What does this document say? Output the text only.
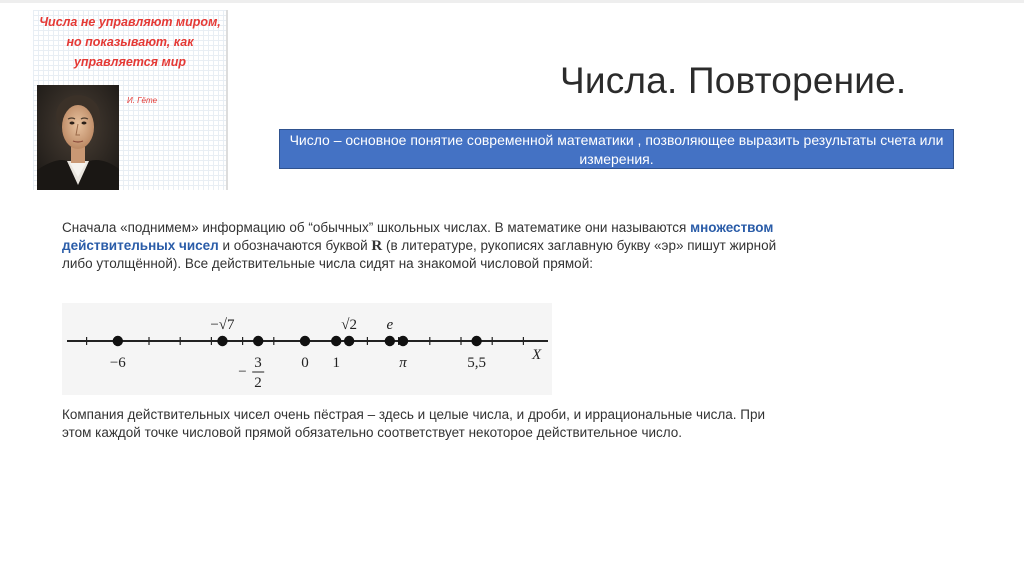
Числа не управляют миром, но показывают, как управляется мир
И. Гёте	Числа. Повторение.
Число – основное понятие современной математики , позволяющее выразить результаты счета или измерения.
Сначала «поднимем» информацию об “обычных” школьных числах. В математике они называются множеством действительных чисел и обозначаются буквой R (в литературе, рукописях заглавную букву «эр» пишут жирной либо утолщённой). Все действительные числа сидят на знакомой числовой прямой:
X
−6
−√7
−
3
2
0 1
√2 e
π	5,5
Компания действительных чисел очень пёстрая – здесь и целые числа, и дроби, и иррациональные числа. При этом каждой точке числовой прямой обязательно соответствует некоторое действительное число.
